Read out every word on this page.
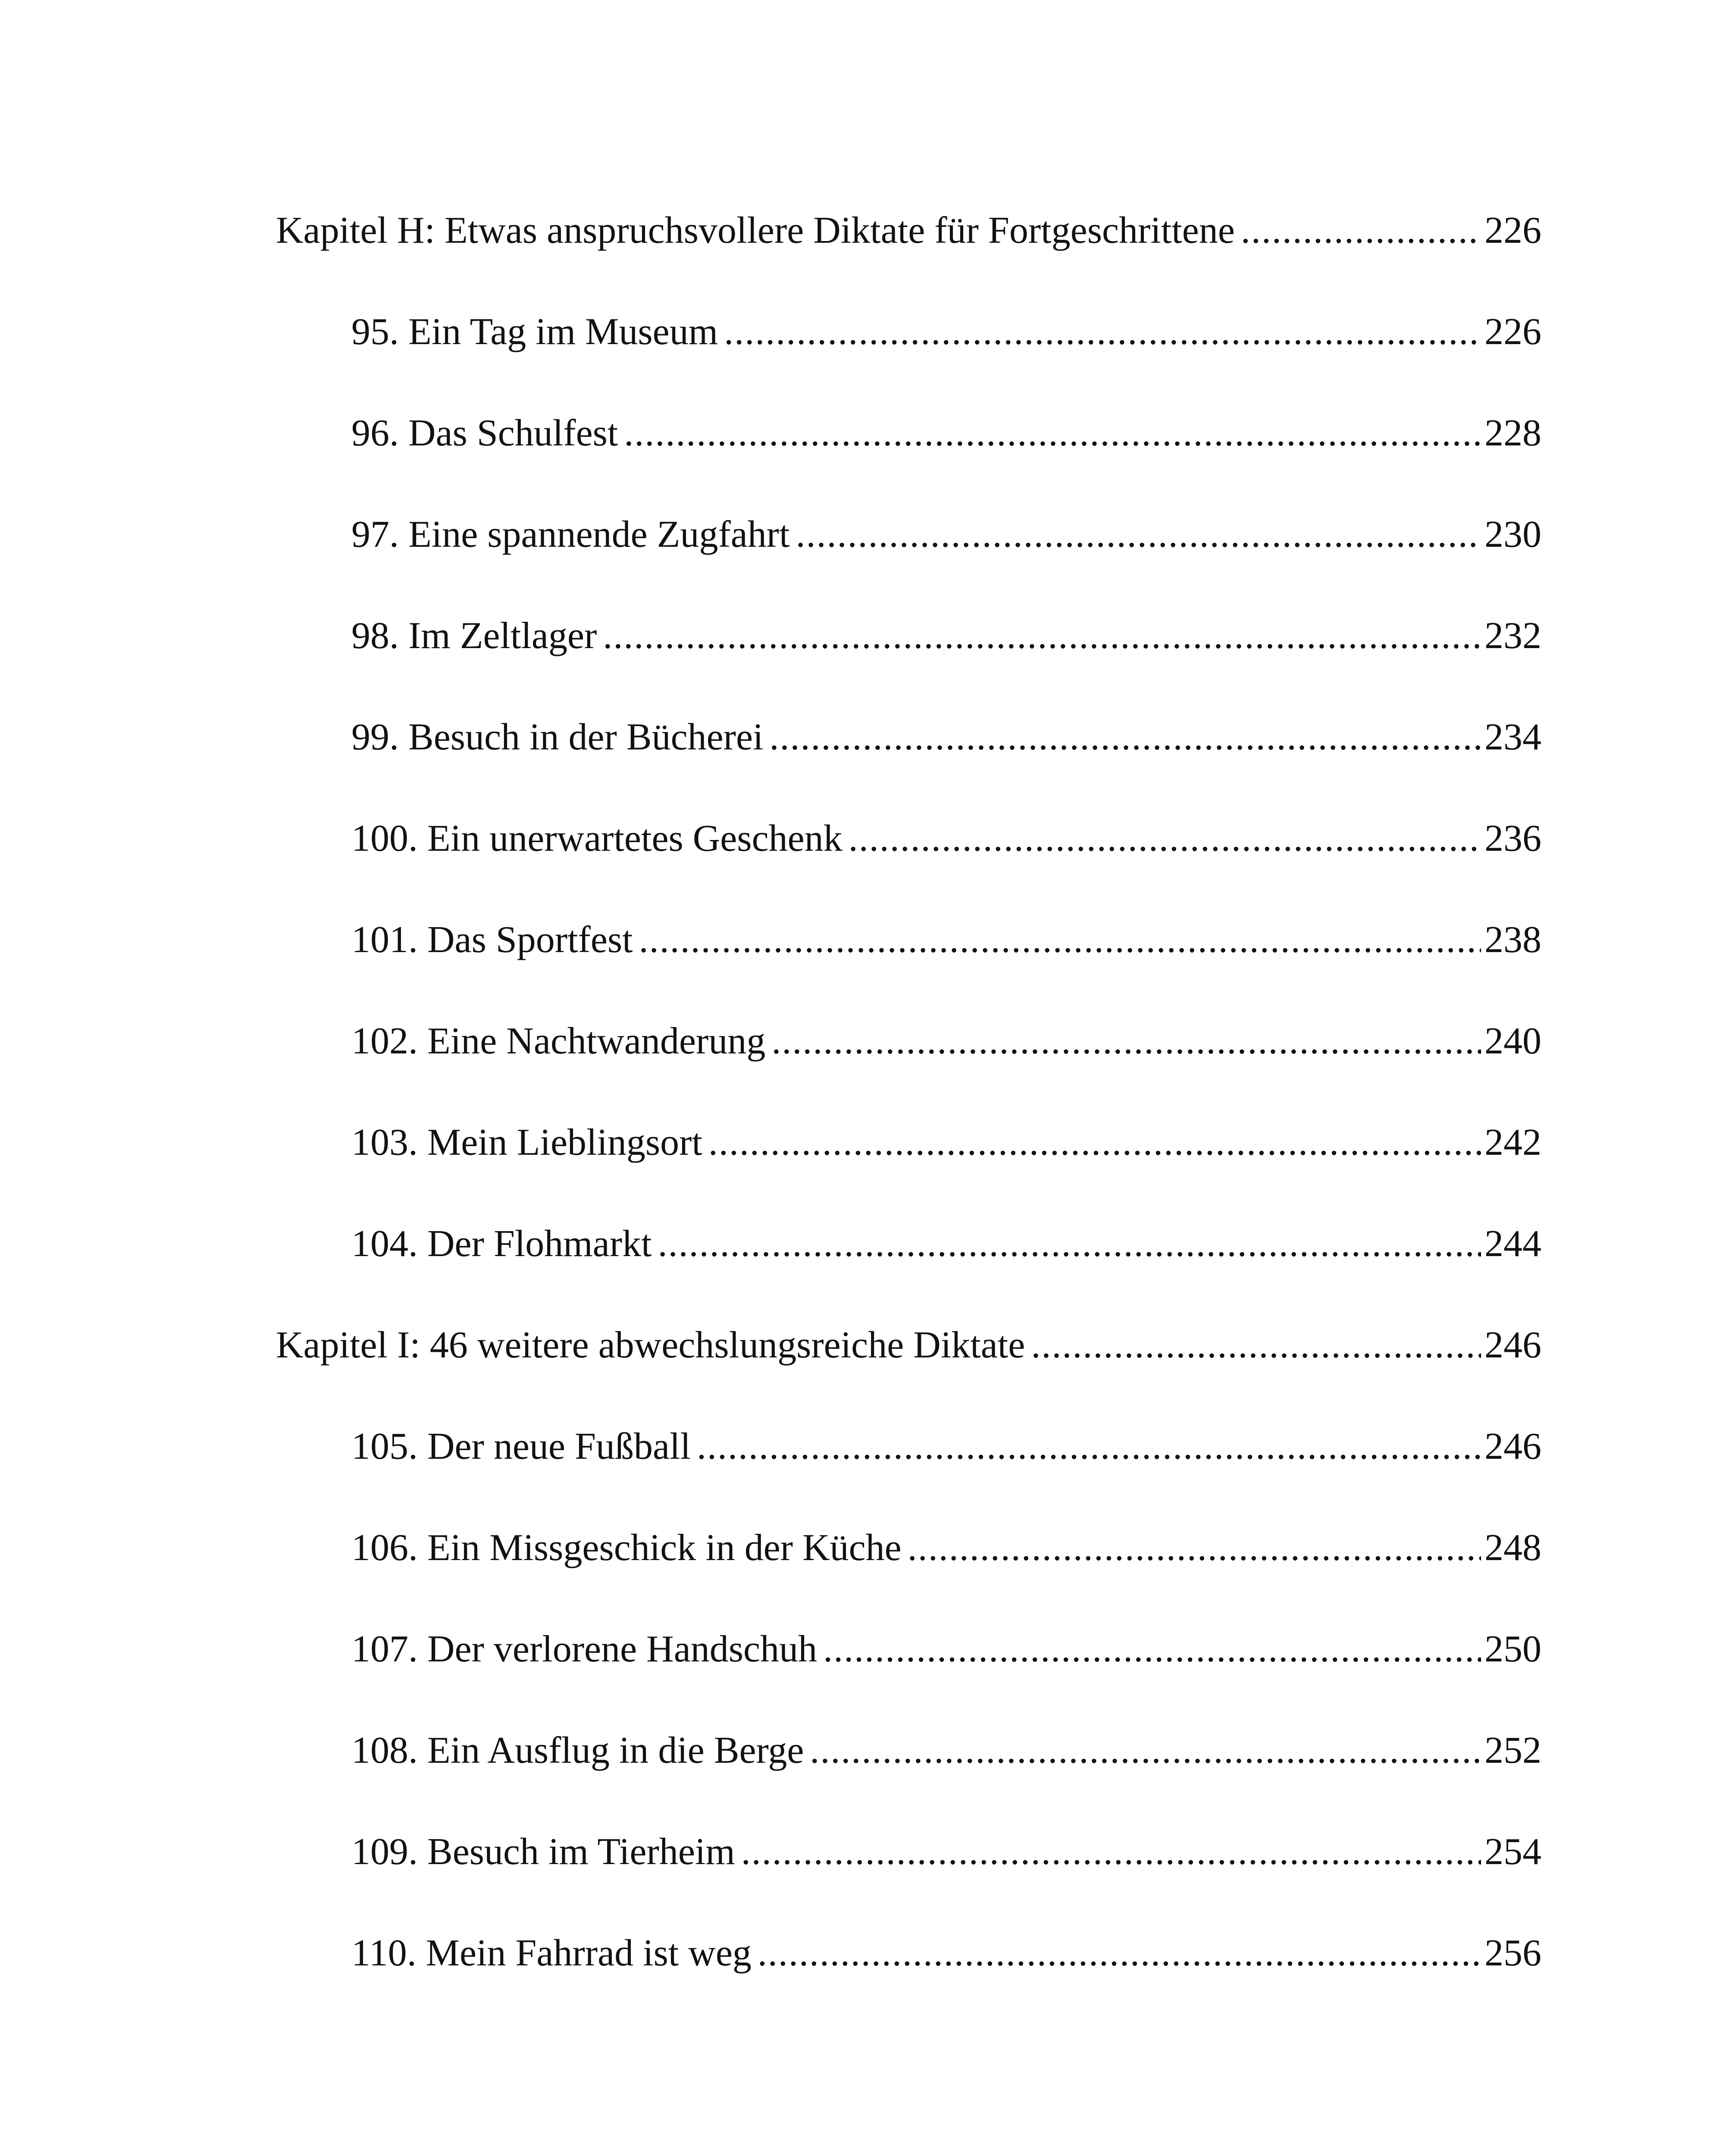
Kapitel H: Etwas anspruchsvollere Diktate für Fortgeschrittene .....	226
95. Ein Tag im Museum .....	226
96. Das Schulfest .....	228
97. Eine spannende Zugfahrt .....	230
98. Im Zeltlager .....	232
99. Besuch in der Bücherei .....	234
100. Ein unerwartetes Geschenk .....	236
101. Das Sportfest .....	238
102. Eine Nachtwanderung .....	240
103. Mein Lieblingsort .....	242
104. Der Flohmarkt .....	244
Kapitel I: 46 weitere abwechslungsreiche Diktate .....	246
105. Der neue Fußball .....	246
106. Ein Missgeschick in der Küche .....	248
107. Der verlorene Handschuh .....	250
108. Ein Ausflug in die Berge .....	252
109. Besuch im Tierheim .....	254
110. Mein Fahrrad ist weg .....	256
